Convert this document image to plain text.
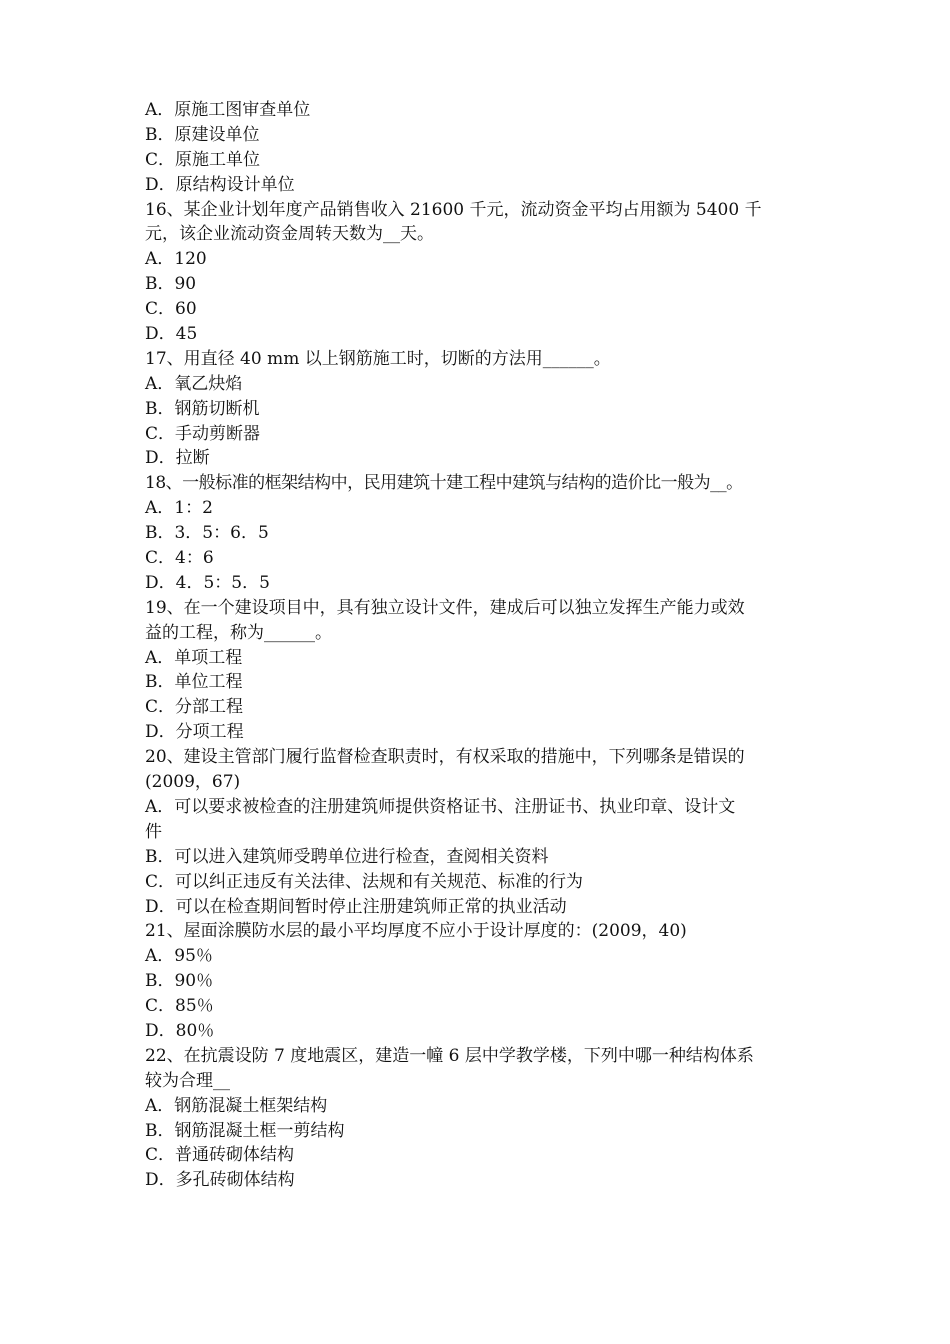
A．原施工图审查单位
B．原建设单位
C．原施工单位
D．原结构设计单位
16、某企业计划年度产品销售收入 21600 千元，流动资金平均占用额为 5400 千
元，该企业流动资金周转天数为__天。
A．120
B．90
C．60
D．45
17、用直径 40 mm 以上钢筋施工时，切断的方法用______。
A．氧乙炔焰
B．钢筋切断机
C．手动剪断器
D．拉断
18、一般标准的框架结构中，民用建筑十建工程中建筑与结构的造价比一般为__。
A．1：2
B．3．5：6．5
C．4：6
D．4．5：5．5
19、在一个建设项目中，具有独立设计文件，建成后可以独立发挥生产能力或效
益的工程，称为______。
A．单项工程
B．单位工程
C．分部工程
D．分项工程
20、建设主管部门履行监督检查职责时，有权采取的措施中，下列哪条是错误的
(2009，67)
A．可以要求被检查的注册建筑师提供资格证书、注册证书、执业印章、设计文
件
B．可以进入建筑师受聘单位进行检查，查阅相关资料
C．可以纠正违反有关法律、法规和有关规范、标准的行为
D．可以在检查期间暂时停止注册建筑师正常的执业活动
21、屋面涂膜防水层的最小平均厚度不应小于设计厚度的：(2009，40)
A．95％
B．90％
C．85％
D．80％
22、在抗震设防 7 度地震区，建造一幢 6 层中学教学楼，下列中哪一种结构体系
较为合理__
A．钢筋混凝土框架结构
B．钢筋混凝土框一剪结构
C．普通砖砌体结构
D．多孔砖砌体结构
